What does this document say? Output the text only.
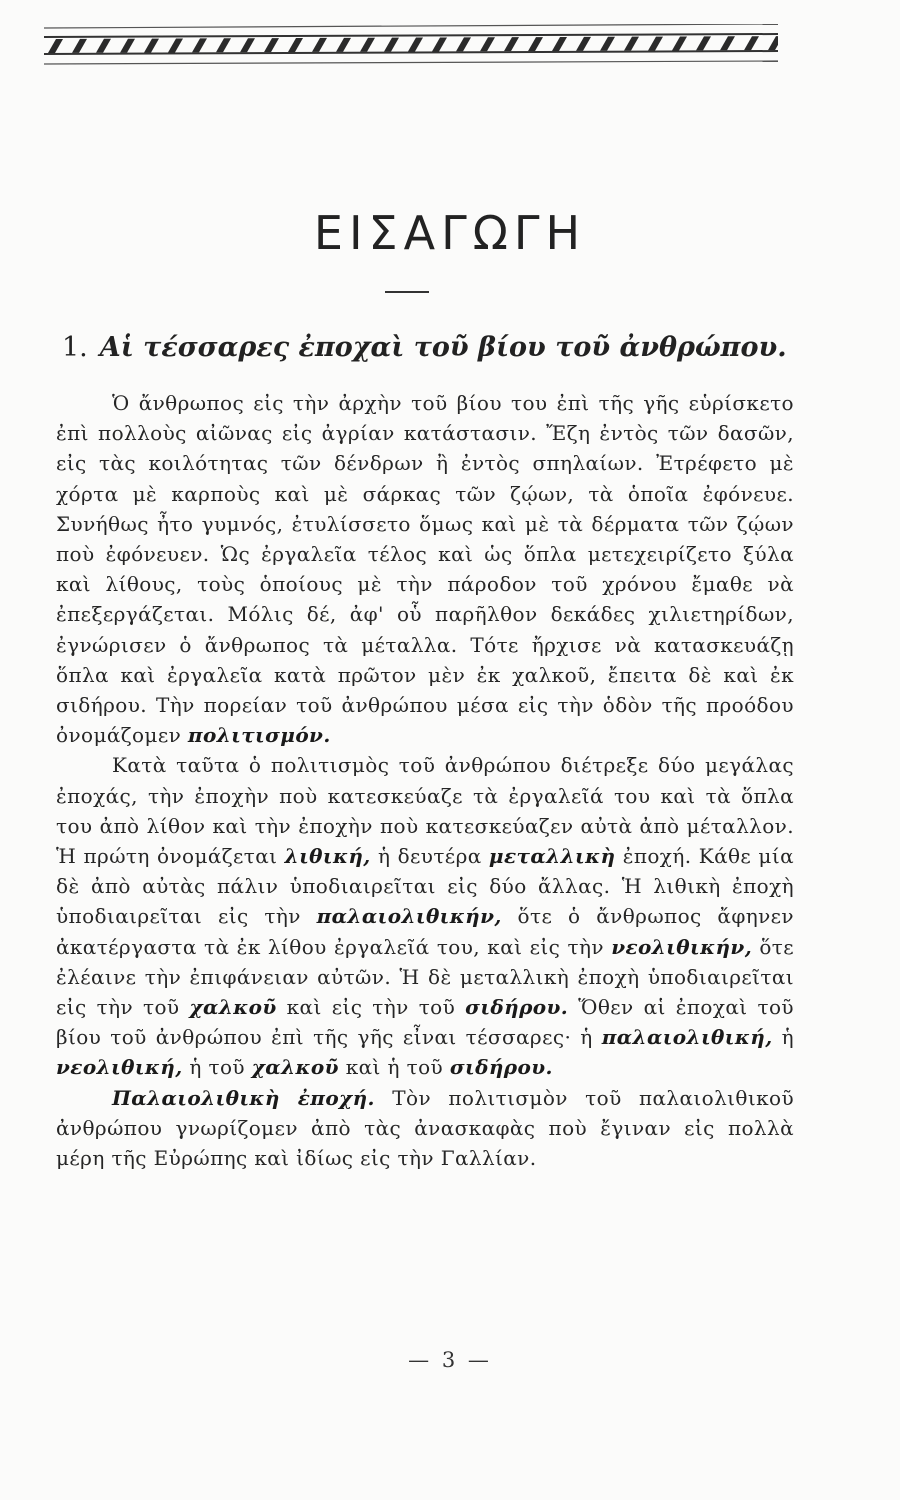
ΕΙΣΑΓΩΓΗ
1. Αἱ τέσσαρες ἐποχαὶ τοῦ βίου τοῦ ἀνθρώπου.

Ὁ ἄνθρωπος εἰς τὴν ἀρχὴν τοῦ βίου του ἐπὶ τῆς γῆς εὑρίσκετο ἐπὶ πολλοὺς αἰῶνας εἰς ἀγρίαν κατάστασιν. Ἔζη ἐντὸς τῶν δασῶν, εἰς τὰς κοιλότητας τῶν δένδρων ἢ ἐντὸς σπηλαίων. Ἐτρέφετο μὲ χόρτα μὲ καρποὺς καὶ μὲ σάρκας τῶν ζῴων, τὰ ὁποῖα ἐφόνευε. Συνήθως ἦτο γυμνός, ἐτυλίσσετο ὅμως καὶ μὲ τὰ δέρματα τῶν ζῴων ποὺ ἐφόνευεν. Ὡς ἐργαλεῖα τέλος καὶ ὡς ὅπλα μετεχειρίζετο ξύλα καὶ λίθους, τοὺς ὁποίους μὲ τὴν πάροδον τοῦ χρόνου ἔμαθε νὰ ἐπεξεργάζεται. Μόλις δέ, ἀφ' οὗ παρῆλθον δεκάδες χιλιετηρίδων, ἐγνώρισεν ὁ ἄνθρωπος τὰ μέταλλα. Τότε ἤρχισε νὰ κατασκευάζῃ ὅπλα καὶ ἐργαλεῖα κατὰ πρῶτον μὲν ἐκ χαλκοῦ, ἔπειτα δὲ καὶ ἐκ σιδήρου. Τὴν πορείαν τοῦ ἀνθρώπου μέσα εἰς τὴν ὁδὸν τῆς προόδου ὀνομάζομεν πολιτισμόν.

Κατὰ ταῦτα ὁ πολιτισμὸς τοῦ ἀνθρώπου διέτρεξε δύο μεγάλας ἐποχάς, τὴν ἐποχὴν ποὺ κατεσκεύαζε τὰ ἐργαλεῖά του καὶ τὰ ὅπλα του ἀπὸ λίθον καὶ τὴν ἐποχὴν ποὺ κατεσκεύαζεν αὐτὰ ἀπὸ μέταλλον. Ἡ πρώτη ὀνομάζεται λιθική, ἡ δευτέρα μεταλλικὴ ἐποχή. Κάθε μία δὲ ἀπὸ αὐτὰς πάλιν ὑποδιαιρεῖται εἰς δύο ἄλλας. Ἡ λιθικὴ ἐποχὴ ὑποδιαιρεῖται εἰς τὴν παλαιολιθικήν, ὅτε ὁ ἄνθρωπος ἄφηνεν ἀκατέργαστα τὰ ἐκ λίθου ἐργαλεῖά του, καὶ εἰς τὴν νεολιθικήν, ὅτε ἐλέαινε τὴν ἐπιφάνειαν αὐτῶν. Ἡ δὲ μεταλλικὴ ἐποχὴ ὑποδιαιρεῖται εἰς τὴν τοῦ χαλκοῦ καὶ εἰς τὴν τοῦ σιδήρου. Ὅθεν αἱ ἐποχαὶ τοῦ βίου τοῦ ἀνθρώπου ἐπὶ τῆς γῆς εἶναι τέσσαρες· ἡ παλαιολιθική, ἡ νεολιθική, ἡ τοῦ χαλκοῦ καὶ ἡ τοῦ σιδήρου.

Παλαιολιθικὴ ἐποχή. Τὸν πολιτισμὸν τοῦ παλαιολιθικοῦ ἀνθρώπου γνωρίζομεν ἀπὸ τὰς ἀνασκαφὰς ποὺ ἔγιναν εἰς πολλὰ μέρη τῆς Εὐρώπης καὶ ἰδίως εἰς τὴν Γαλλίαν.

— 3 —
